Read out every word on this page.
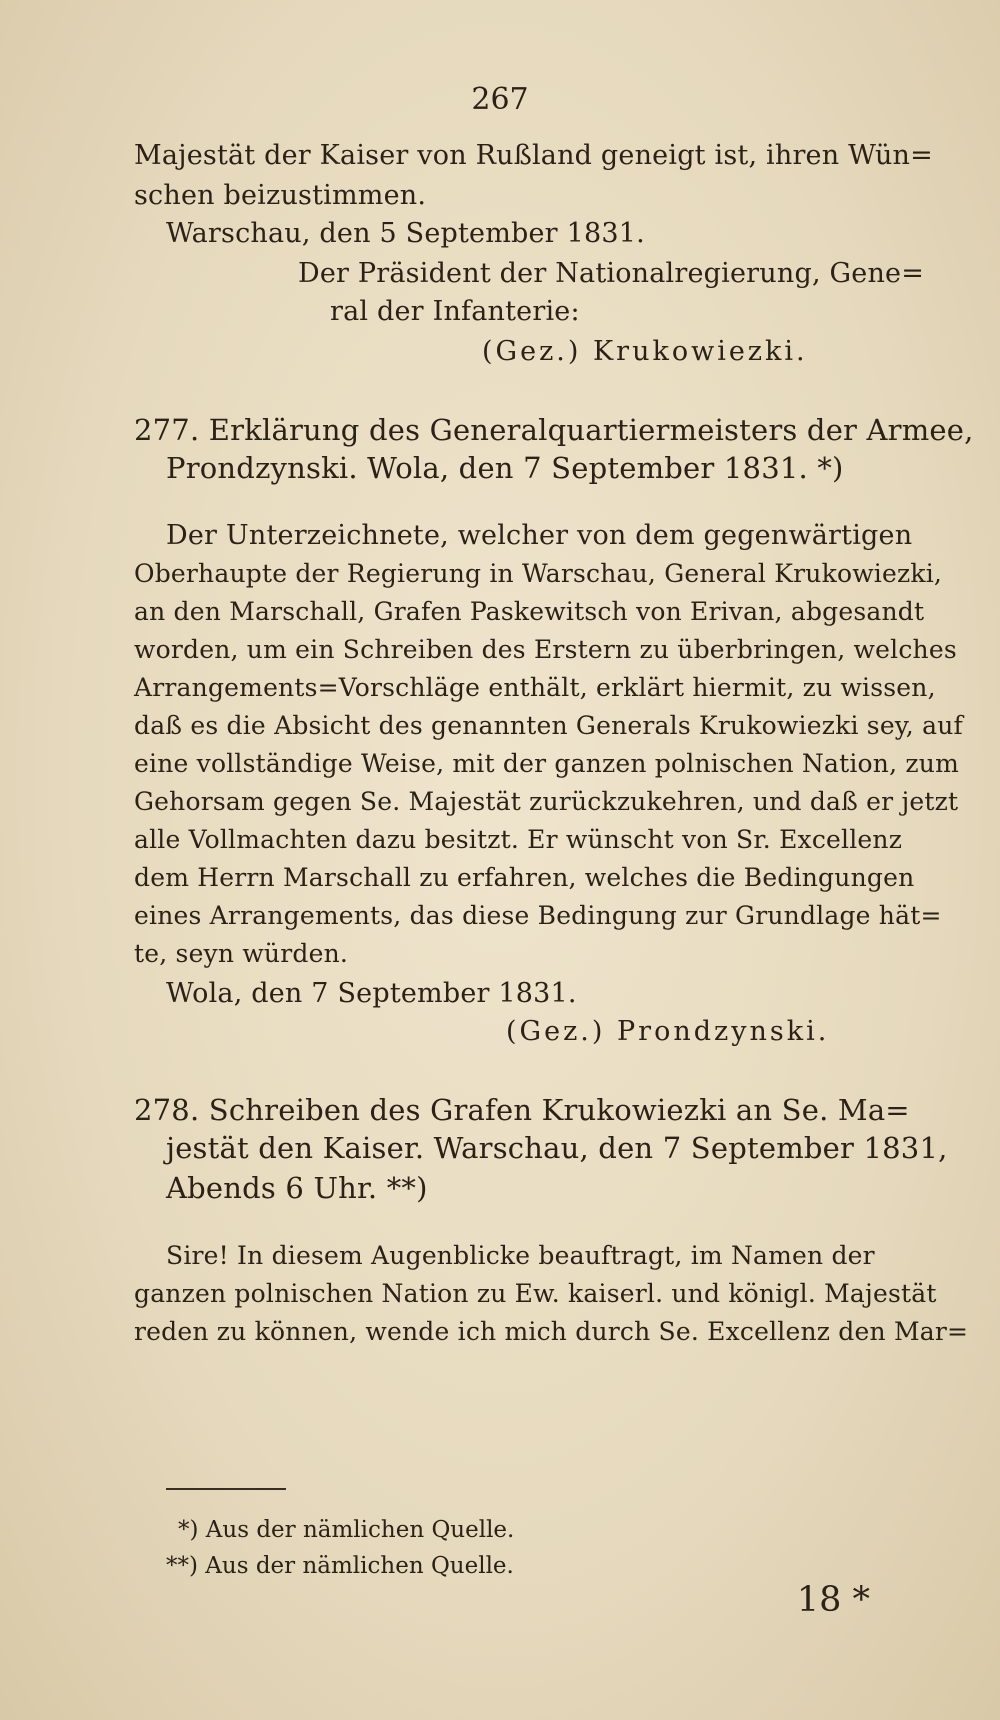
267
Majestät der Kaiser von Rußland geneigt ist, ihren Wün=
schen beizustimmen.
Warschau, den 5 September 1831.
Der Präsident der Nationalregierung, Gene=
ral der Infanterie:
(Gez.) Krukowiezki.
277. Erklärung des Generalquartiermeisters der Armee,
Prondzynski. Wola, den 7 September 1831. *)
Der Unterzeichnete, welcher von dem gegenwärtigen
Oberhaupte der Regierung in Warschau, General Krukowiezki,
an den Marschall, Grafen Paskewitsch von Erivan, abgesandt
worden, um ein Schreiben des Erstern zu überbringen, welches
Arrangements=Vorschläge enthält, erklärt hiermit, zu wissen,
daß es die Absicht des genannten Generals Krukowiezki sey, auf
eine vollständige Weise, mit der ganzen polnischen Nation, zum
Gehorsam gegen Se. Majestät zurückzukehren, und daß er jetzt
alle Vollmachten dazu besitzt. Er wünscht von Sr. Excellenz
dem Herrn Marschall zu erfahren, welches die Bedingungen
eines Arrangements, das diese Bedingung zur Grundlage hät=
te, seyn würden.
Wola, den 7 September 1831.
(Gez.) Prondzynski.
278. Schreiben des Grafen Krukowiezki an Se. Ma=
jestät den Kaiser. Warschau, den 7 September 1831,
Abends 6 Uhr. **)
Sire! In diesem Augenblicke beauftragt, im Namen der
ganzen polnischen Nation zu Ew. kaiserl. und königl. Majestät
reden zu können, wende ich mich durch Se. Excellenz den Mar=
*) Aus der nämlichen Quelle.
**) Aus der nämlichen Quelle.
18 *
